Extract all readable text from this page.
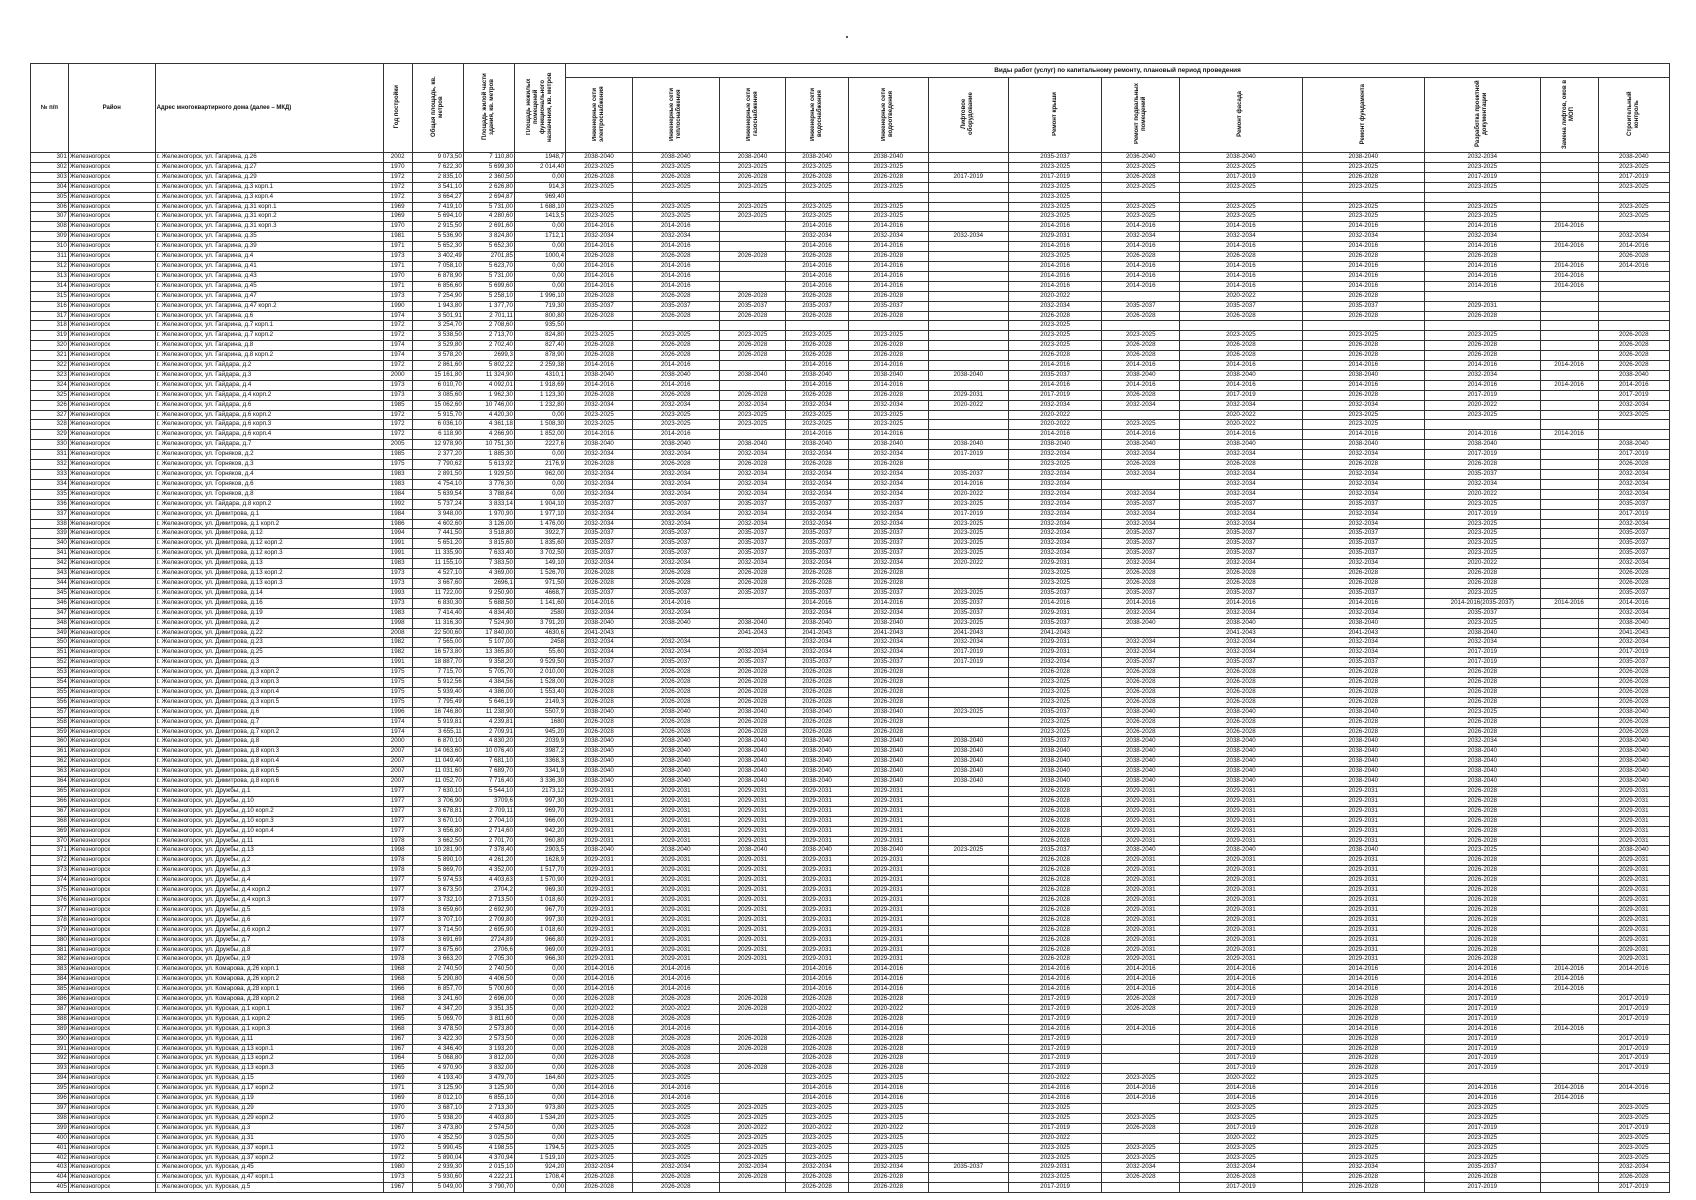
№ п/п	Район	Адрес многоквартирного дома (далее – МКД)	Год постройки	Общая площадь, кв. метров	Площадь жилой части здания, кв. метров	Площадь нежилых помещений функционального назначения, кв. метров	Виды работ (услуг) по капитальному ремонту, плановый период проведения												
							Инженерные сети электроснабжения	Инженерные сети теплоснабжения	Инженерные сети газоснабжения	Инженерные сети водоснабжения	Инженерные сети водоотведения	Лифтовое оборудование	Ремонт крыши	Ремонт подвальных помещений	Ремонт фасада	Ремонт фундамента	Разработка проектной документации	Замена лифтов, оков в МОП	Строительный контроль
301	Железногорск	г. Железногорск, ул. Гагарина, д.26	2002	9 073,50	7 110,80	1948,7	2038-2040	2038-2040	2038-2040	2038-2040	2038-2040		2035-2037	2036-2040	2038-2040	2038-2040	2032-2034		2038-2040
302	Железногорск	г. Железногорск, ул. Гагарина, д.27	1970	7 622,30	5 699,30	2 014,40	2023-2025	2023-2025	2023-2025	2023-2025	2023-2025		2023-2025	2023-2025	2023-2025	2023-2025	2023-2025		2023-2025
303	Железногорск	г. Железногорск, ул. Гагарина, д.29	1972	2 835,10	2 360,50	0,00	2026-2028	2026-2028	2026-2028	2026-2028	2026-2028	2017-2019	2017-2019	2026-2028	2017-2019	2026-2028	2017-2019		2017-2019
304	Железногорск	г. Железногорск, ул. Гагарина, д.3 корп.1	1972	3 541,10	2 626,80	914,3	2023-2025	2023-2025	2023-2025	2023-2025	2023-2025		2023-2025	2023-2025	2023-2025	2023-2025	2023-2025		2023-2025
305	Железногорск	г. Железногорск, ул. Гагарина, д.3 корп.4	1972	3 664,27	2 694,87	969,40							2023-2025						
306	Железногорск	г. Железногорск, ул. Гагарина, д.31 корп.1	1969	7 419,10	5 731,00	1 688,10	2023-2025	2023-2025	2023-2025	2023-2025	2023-2025		2023-2025	2023-2025	2023-2025	2023-2025	2023-2025		2023-2025
307	Железногорск	г. Железногорск, ул. Гагарина, д.31 корп.2	1969	5 694,10	4 280,60	1413,5	2023-2025	2023-2025	2023-2025	2023-2025	2023-2025		2023-2025	2023-2025	2023-2025	2023-2025	2023-2025		2023-2025
308	Железногорск	г. Железногорск, ул. Гагарина, д.31 корп.3	1970	2 915,50	2 691,60	0,00	2014-2016	2014-2016		2014-2016	2014-2016		2014-2016	2014-2016	2014-2016	2014-2016	2014-2016	2014-2016	
309	Железногорск	г. Железногорск, ул. Гагарина, д.35	1981	5 536,90	3 824,80	1712,1	2032-2034	2032-2034		2032-2034	2032-2034	2032-2034	2029-2031	2032-2034	2032-2034	2032-2034	2032-2034		2032-2034
310	Железногорск	г. Железногорск, ул. Гагарина, д.39	1971	5 652,30	5 652,30	0,00	2014-2016	2014-2016		2014-2016	2014-2016		2014-2016	2014-2016	2014-2016	2014-2016	2014-2016	2014-2016	2014-2016
311	Железногорск	г. Железногорск, ул. Гагарина, д.4	1973	3 402,49	2701,85	1000,4	2026-2028	2026-2028	2026-2028	2026-2028	2026-2028		2023-2025	2026-2028	2026-2028	2026-2028	2026-2028		2026-2028
312	Железногорск	г. Железногорск, ул. Гагарина, д.41	1971	7 058,10	5 623,70	0,00	2014-2016	2014-2016		2014-2016	2014-2016		2014-2016	2014-2016	2014-2016	2014-2016	2014-2016	2014-2016	2014-2016
313	Железногорск	г. Железногорск, ул. Гагарина, д.43	1970	6 878,90	5 731,00	0,00	2014-2016	2014-2016		2014-2016	2014-2016		2014-2016	2014-2016	2014-2016	2014-2016	2014-2016	2014-2016	
314	Железногорск	г. Железногорск, ул. Гагарина, д.45	1971	6 856,60	5 699,60	0,00	2014-2016	2014-2016		2014-2016	2014-2016		2014-2016	2014-2016	2014-2016	2014-2016	2014-2016	2014-2016	
315	Железногорск	г. Железногорск, ул. Гагарина, д.47	1973	7 254,90	5 258,10	1 996,10	2026-2028	2026-2028	2026-2028	2026-2028	2026-2028		2020-2022		2020-2022	2026-2028			
316	Железногорск	г. Железногорск, ул. Гагарина, д.47 корп.2	1990	1 943,80	1 377,70	719,30	2035-2037	2035-2037	2035-2037	2035-2037	2035-2037		2032-2034	2035-2037	2035-2037	2035-2037	2029-2031		
317	Железногорск	г. Железногорск, ул. Гагарина, д.6	1974	3 501,91	2 701,11	800,80	2026-2028	2026-2028	2026-2028	2026-2028	2026-2028		2026-2028	2026-2028	2026-2028	2026-2028	2026-2028		
318	Железногорск	г. Железногорск, ул. Гагарина, д.7 корп.1	1972	3 254,70	2 708,60	935,50							2023-2025						
319	Железногорск	г. Железногорск, ул. Гагарина, д.7 корп.2	1972	3 538,50	2 713,70	824,80	2023-2025	2023-2025	2023-2025	2023-2025	2023-2025		2023-2025	2023-2025	2023-2025	2023-2025	2023-2025		2026-2028
320	Железногорск	г. Железногорск, ул. Гагарина, д.8	1974	3 529,80	2 702,40	827,40	2026-2028	2026-2028	2026-2028	2026-2028	2026-2028		2023-2025	2026-2028	2026-2028	2026-2028	2026-2028		2026-2028
321	Железногорск	г. Железногорск, ул. Гагарина, д.8 корп.2	1974	3 578,20	2699,3	878,90	2026-2028	2026-2028	2026-2028	2026-2028	2026-2028		2026-2028	2026-2028	2026-2028	2026-2028	2026-2028		2026-2028
322	Железногорск	г. Железногорск, ул. Гайдара, д.2	1972	2 861,60	5 802,22	2 259,38	2014-2016	2014-2016		2014-2016	2014-2016		2014-2016	2014-2016	2014-2016	2014-2016	2014-2016	2014-2016	2026-2028
323	Железногорск	г. Железногорск, ул. Гайдара, д.3	2000	15 161,80	11 324,90	4310,1	2038-2040	2038-2040	2038-2040	2038-2040	2038-2040	2038-2040	2035-2037	2038-2040	2038-2040	2038-2040	2032-2034		2038-2040
324	Железногорск	г. Железногорск, ул. Гайдара, д.4	1973	6 010,70	4 092,01	1 918,69	2014-2016	2014-2016		2014-2016	2014-2016		2014-2016	2014-2016	2014-2016	2014-2016	2014-2016	2014-2016	2014-2016
325	Железногорск	г. Железногорск, ул. Гайдара, д.4 корп.2	1973	3 085,60	1 962,30	1 123,30	2026-2028	2026-2028	2026-2028	2026-2028	2026-2028	2029-2031	2017-2019	2026-2028	2017-2019	2026-2028	2017-2019		2017-2019
326	Железногорск	г. Железногорск, ул. Гайдара, д.6	1985	15 062,60	10 746,00	1 232,80	2032-2034	2032-2034	2032-2034	2032-2034	2032-2034	2020-2022	2032-2034	2032-2034	2032-2034	2032-2034	2020-2022		2032-2034
327	Железногорск	г. Железногорск, ул. Гайдара, д.6 корп.2	1972	5 915,70	4 420,30	0,00	2023-2025	2023-2025	2023-2025	2023-2025	2023-2025		2020-2022		2020-2022	2023-2025	2023-2025		2023-2025
328	Железногорск	г. Железногорск, ул. Гайдара, д.6 корп.3	1972	6 036,10	4 361,18	1 508,30	2023-2025	2023-2025	2023-2025	2023-2025	2023-2025		2020-2022	2023-2025	2020-2022	2023-2025			
329	Железногорск	г. Железногорск, ул. Гайдара, д.6 корп.4	1972	6 118,90	4 266,90	1 852,00	2014-2016	2014-2016		2014-2016	2014-2016		2014-2016	2014-2016	2014-2016	2014-2016	2014-2016	2014-2016	
330	Железногорск	г. Железногорск, ул. Гайдара, д.7	2005	12 978,90	10 751,30	2227,6	2038-2040	2038-2040	2038-2040	2038-2040	2038-2040	2038-2040	2038-2040	2038-2040	2038-2040	2038-2040	2038-2040		2038-2040
331	Железногорск	г. Железногорск, ул. Горняков, д.2	1985	2 377,20	1 885,30	0,00	2032-2034	2032-2034	2032-2034	2032-2034	2032-2034	2017-2019	2032-2034	2032-2034	2032-2034	2032-2034	2017-2019		2017-2019
332	Железногорск	г. Железногорск, ул. Горняков, д.3	1975	7 790,62	5 613,92	2176,9	2026-2028	2026-2028	2026-2028	2026-2028	2026-2028		2023-2025	2026-2028	2026-2028	2026-2028	2026-2028		2026-2028
333	Железногорск	г. Железногорск, ул. Горняков, д.4	1983	2 891,50	1 929,50	962,00	2032-2034	2032-2034	2032-2034	2032-2034	2032-2034	2035-2037	2032-2034	2032-2034	2032-2034	2032-2034	2035-2037		2032-2034
334	Железногорск	г. Железногорск, ул. Горняков, д.6	1983	4 754,10	3 776,30	0,00	2032-2034	2032-2034	2032-2034	2032-2034	2032-2034	2014-2016	2032-2034		2032-2034	2032-2034	2032-2034		2032-2034
335	Железногорск	г. Железногорск, ул. Горняков, д.8	1984	5 639,54	3 788,64	0,00	2032-2034	2032-2034	2032-2034	2032-2034	2032-2034	2020-2022	2032-2034	2032-2034	2032-2034	2032-2034	2020-2022		2032-2034
336	Железногорск	г. Железногорск, ул. Гайдара, д.8 корп.2	1992	5 737,24	3 833,14	1 904,10	2035-2037	2035-2037	2035-2037	2035-2037	2035-2037	2023-2025	2032-2034	2035-2037	2035-2037	2035-2037	2023-2025		2035-2037
337	Железногорск	г. Железногорск, ул. Димитрова, д.1	1984	3 948,00	1 970,90	1 977,10	2032-2034	2032-2034	2032-2034	2032-2034	2032-2034	2017-2019	2032-2034	2032-2034	2032-2034	2032-2034	2017-2019		2017-2019
338	Железногорск	г. Железногорск, ул. Димитрова, д.1 корп.2	1986	4 602,60	3 126,00	1 476,00	2032-2034	2032-2034	2032-2034	2032-2034	2032-2034	2023-2025	2032-2034	2032-2034	2032-2034	2032-2034	2023-2025		2032-2034
339	Железногорск	г. Железногорск, ул. Димитрова, д.12	1994	7 441,50	3 518,80	3922,7	2035-2037	2035-2037	2035-2037	2035-2037	2035-2037	2023-2025	2032-2034	2035-2037	2035-2037	2035-2037	2023-2025		2035-2037
340	Железногорск	г. Железногорск, ул. Димитрова, д.12 корп.2	1991	5 651,20	3 815,60	1 835,60	2035-2037	2035-2037	2035-2037	2035-2037	2035-2037	2023-2025	2032-2034	2035-2037	2035-2037	2035-2037	2023-2025		2035-2037
341	Железногорск	г. Железногорск, ул. Димитрова, д.12 корп.3	1991	11 335,90	7 633,40	3 702,50	2035-2037	2035-2037	2035-2037	2035-2037	2035-2037	2023-2025	2032-2034	2035-2037	2035-2037	2035-2037	2023-2025		2035-2037
342	Железногорск	г. Железногорск, ул. Димитрова, д.13	1983	11 155,10	7 383,50	149,10	2032-2034	2032-2034	2032-2034	2032-2034	2032-2034	2020-2022	2029-2031	2032-2034	2032-2034	2032-2034	2020-2022		2032-2034
343	Железногорск	г. Железногорск, ул. Димитрова, д.13 корп.2	1973	4 527,10	4 369,00	1 526,70	2026-2028	2026-2028	2026-2028	2026-2028	2026-2028		2023-2025	2026-2028	2026-2028	2026-2028	2026-2028		2026-2028
344	Железногорск	г. Железногорск, ул. Димитрова, д.13 корп.3	1973	3 667,60	2696,1	971,50	2026-2028	2026-2028	2026-2028	2026-2028	2026-2028		2023-2025	2026-2028	2026-2028	2026-2028	2026-2028		2026-2028
345	Железногорск	г. Железногорск, ул. Димитрова, д.14	1993	11 722,00	9 250,90	4668,7	2035-2037	2035-2037	2035-2037	2035-2037	2035-2037	2023-2025	2035-2037	2035-2037	2035-2037	2035-2037	2023-2025		2035-2037
346	Железногорск	г. Железногорск, ул. Димитрова, д.16	1973	6 830,30	5 688,50	1 141,60	2014-2016	2014-2016		2014-2016	2014-2016	2035-2037	2014-2016	2014-2016	2014-2016	2014-2016	2014-2016(2035-2037)	2014-2016	2014-2016
347	Железногорск	г. Железногорск, ул. Димитрова, д.19	1983	7 414,40	4 834,40	2580	2032-2034	2032-2034		2032-2034	2032-2034	2035-2037	2029-2031	2032-2034	2032-2034	2032-2034	2035-2037		2032-2034
348	Железногорск	г. Железногорск, ул. Димитрова, д.2	1998	11 316,30	7 524,90	3 791,20	2038-2040	2038-2040	2038-2040	2038-2040	2038-2040	2023-2025	2035-2037	2038-2040	2038-2040	2038-2040	2023-2025		2038-2040
349	Железногорск	г. Железногорск, ул. Димитрова, д.22	2008	22 500,60	17 840,00	4630,6	2041-2043		2041-2043	2041-2043	2041-2043	2041-2043	2041-2043		2041-2043	2041-2043	2038-2040		2041-2043
350	Железногорск	г. Железногорск, ул. Димитрова, д.23	1982	7 565,00	5 107,00	2458	2032-2034	2032-2034		2032-2034	2032-2034	2032-2034	2029-2031	2032-2034	2032-2034	2032-2034	2032-2034		2032-2034
351	Железногорск	г. Железногорск, ул. Димитрова, д.25	1982	16 573,80	13 365,80	55,60	2032-2034	2032-2034	2032-2034	2032-2034	2032-2034	2017-2019	2029-2031	2032-2034	2032-2034	2032-2034	2017-2019		2017-2019
352	Железногорск	г. Железногорск, ул. Димитрова, д.3	1991	18 887,70	9 358,20	9 529,50	2035-2037	2035-2037	2035-2037	2035-2037	2035-2037	2017-2019	2032-2034	2035-2037	2035-2037	2035-2037	2017-2019		2035-2037
353	Железногорск	г. Железногорск, ул. Димитрова, д.3 корп.2	1975	7 715,70	5 705,70	2 010,00	2026-2028	2026-2028	2026-2028	2026-2028	2026-2028		2026-2028	2026-2028	2026-2028	2026-2028	2026-2028		2026-2028
354	Железногорск	г. Железногорск, ул. Димитрова, д.3 корп.3	1975	5 912,56	4 384,56	1 528,00	2026-2028	2026-2028	2026-2028	2026-2028	2026-2028		2023-2025	2026-2028	2026-2028	2026-2028	2026-2028		2026-2028
355	Железногорск	г. Железногорск, ул. Димитрова, д.3 корп.4	1975	5 939,40	4 386,00	1 553,40	2026-2028	2026-2028	2026-2028	2026-2028	2026-2028		2023-2025	2026-2028	2026-2028	2026-2028	2026-2028		2026-2028
356	Железногорск	г. Железногорск, ул. Димитрова, д.3 корп.5	1975	7 795,49	5 646,19	2149,3	2026-2028	2026-2028	2026-2028	2026-2028	2026-2028		2023-2025	2026-2028	2026-2028	2026-2028	2026-2028		2026-2028
357	Железногорск	г. Железногорск, ул. Димитрова, д.6	1996	16 746,80	11 238,90	5507,9	2038-2040	2038-2040	2038-2040	2038-2040	2038-2040	2023-2025	2035-2037	2038-2040	2038-2040	2038-2040	2023-2025		2038-2040
358	Железногорск	г. Железногорск, ул. Димитрова, д.7	1974	5 919,81	4 239,81	1680	2026-2028	2026-2028	2026-2028	2026-2028	2026-2028		2023-2025	2026-2028	2026-2028	2026-2028	2026-2028		2026-2028
359	Железногорск	г. Железногорск, ул. Димитрова, д.7 корп.2	1974	3 655,11	2 709,91	945,20	2026-2028	2026-2028	2026-2028	2026-2028	2026-2028		2023-2025	2026-2028	2026-2028	2026-2028	2026-2028		2026-2028
360	Железногорск	г. Железногорск, ул. Димитрова, д.8	2000	6 870,10	4 830,20	2039,9	2038-2040	2038-2040	2038-2040	2038-2040	2038-2040	2038-2040	2035-2037	2038-2040	2038-2040	2038-2040	2032-2034		2038-2040
361	Железногорск	г. Железногорск, ул. Димитрова, д.8 корп.3	2007	14 063,60	10 076,40	3987,2	2038-2040	2038-2040	2038-2040	2038-2040	2038-2040	2038-2040	2038-2040	2038-2040	2038-2040	2038-2040	2038-2040		2038-2040
362	Железногорск	г. Железногорск, ул. Димитрова, д.8 корп.4	2007	11 049,40	7 681,10	3368,3	2038-2040	2038-2040	2038-2040	2038-2040	2038-2040	2038-2040	2038-2040	2038-2040	2038-2040	2038-2040	2038-2040		2038-2040
363	Железногорск	г. Железногорск, ул. Димитрова, д.8 корп.5	2007	11 031,60	7 689,70	3341,9	2038-2040	2038-2040	2038-2040	2038-2040	2038-2040	2038-2040	2038-2040	2038-2040	2038-2040	2038-2040	2038-2040		2038-2040
364	Железногорск	г. Железногорск, ул. Димитрова, д.8 корп.6	2007	11 052,70	7 716,40	3 336,30	2038-2040	2038-2040	2038-2040	2038-2040	2038-2040	2038-2040	2038-2040	2038-2040	2038-2040	2038-2040	2038-2040		2038-2040
365	Железногорск	г. Железногорск, ул. Дружбы, д.1	1977	7 630,10	5 544,10	2173,12	2029-2031	2029-2031	2029-2031	2029-2031	2029-2031		2026-2028	2029-2031	2029-2031	2029-2031	2026-2028		2029-2031
366	Железногорск	г. Железногорск, ул. Дружбы, д.10	1977	3 706,90	3709,6	997,30	2029-2031	2029-2031	2029-2031	2029-2031	2029-2031		2026-2028	2029-2031	2029-2031	2029-2031	2026-2028		2029-2031
367	Железногорск	г. Железногорск, ул. Дружбы, д.10 корп.2	1977	3 678,81	2 709,11	969,70	2029-2031	2029-2031	2029-2031	2029-2031	2029-2031		2026-2028	2029-2031	2029-2031	2029-2031	2026-2028		2029-2031
368	Железногорск	г. Железногорск, ул. Дружбы, д.10 корп.3	1977	3 670,10	2 704,10	966,00	2029-2031	2029-2031	2029-2031	2029-2031	2029-2031		2026-2028	2029-2031	2029-2031	2029-2031	2026-2028		2029-2031
369	Железногорск	г. Железногорск, ул. Дружбы, д.10 корп.4	1977	3 656,80	2 714,60	942,20	2029-2031	2029-2031	2029-2031	2029-2031	2029-2031		2026-2028	2029-2031	2029-2031	2029-2031	2026-2028		2029-2031
370	Железногорск	г. Железногорск, ул. Дружбы, д.11	1978	3 662,50	2 701,70	960,80	2029-2031	2029-2031	2029-2031	2029-2031	2029-2031		2026-2028	2029-2031	2029-2031	2029-2031	2026-2028		2029-2031
371	Железногорск	г. Железногорск, ул. Дружбы, д.13	1998	10 281,90	7 378,40	2903,5	2038-2040	2038-2040	2038-2040	2038-2040	2038-2040	2023-2025	2035-2037	2038-2040	2038-2040	2038-2040	2023-2025		2038-2040
372	Железногорск	г. Железногорск, ул. Дружбы, д.2	1978	5 890,10	4 261,20	1628,9	2029-2031	2029-2031	2029-2031	2029-2031	2029-2031		2026-2028	2029-2031	2029-2031	2029-2031	2026-2028		2029-2031
373	Железногорск	г. Железногорск, ул. Дружбы, д.3	1978	5 869,70	4 352,00	1 517,70	2029-2031	2029-2031	2029-2031	2029-2031	2029-2031		2026-2028	2029-2031	2029-2031	2029-2031	2026-2028		2029-2031
374	Железногорск	г. Железногорск, ул. Дружбы, д.4	1977	5 974,53	4 403,63	1 570,90	2029-2031	2029-2031	2029-2031	2029-2031	2029-2031		2026-2028	2029-2031	2029-2031	2029-2031	2026-2028		2029-2031
375	Железногорск	г. Железногорск, ул. Дружбы, д.4 корп.2	1977	3 673,50	2704,2	969,30	2029-2031	2029-2031	2029-2031	2029-2031	2029-2031		2026-2028	2029-2031	2029-2031	2029-2031	2026-2028		2029-2031
376	Железногорск	г. Железногорск, ул. Дружбы, д.4 корп.3	1977	3 732,10	2 713,50	1 018,60	2029-2031	2029-2031	2029-2031	2029-2031	2029-2031		2026-2028	2029-2031	2029-2031	2029-2031	2026-2028		2029-2031
377	Железногорск	г. Железногорск, ул. Дружбы, д.5	1978	3 659,60	2 692,90	967,70	2029-2031	2029-2031	2029-2031	2029-2031	2029-2031		2026-2028	2029-2031	2029-2031	2029-2031	2026-2028		2029-2031
378	Железногорск	г. Железногорск, ул. Дружбы, д.6	1977	3 707,10	2 709,80	997,30	2029-2031	2029-2031	2029-2031	2029-2031	2029-2031		2026-2028	2029-2031	2029-2031	2029-2031	2026-2028		2029-2031
379	Железногорск	г. Железногорск, ул. Дружбы, д.6 корп.2	1977	3 714,50	2 695,90	1 018,60	2029-2031	2029-2031	2029-2031	2029-2031	2029-2031		2026-2028	2029-2031	2029-2031	2029-2031	2026-2028		2029-2031
380	Железногорск	г. Железногорск, ул. Дружбы, д.7	1978	3 691,69	2724,89	966,80	2029-2031	2029-2031	2029-2031	2029-2031	2029-2031		2026-2028	2029-2031	2029-2031	2029-2031	2026-2028		2029-2031
381	Железногорск	г. Железногорск, ул. Дружбы, д.8	1977	3 675,60	2706,6	969,00	2029-2031	2029-2031	2029-2031	2029-2031	2029-2031		2026-2028	2029-2031	2029-2031	2029-2031	2026-2028		2029-2031
382	Железногорск	г. Железногорск, ул. Дружбы, д.9	1978	3 663,20	2 705,30	966,30	2029-2031	2029-2031	2029-2031	2029-2031	2029-2031		2026-2028	2029-2031	2029-2031	2029-2031	2026-2028		2029-2031
383	Железногорск	г. Железногорск, ул. Комарова, д.26 корп.1	1968	2 740,50	2 740,50	0,00	2014-2016	2014-2016		2014-2016	2014-2016		2014-2016	2014-2016	2014-2016	2014-2016	2014-2016	2014-2016	2014-2016
384	Железногорск	г. Железногорск, ул. Комарова, д.26 корп.2	1968	5 290,80	4 406,50	0,00	2014-2016	2014-2016		2014-2016	2014-2016		2014-2016	2014-2016	2014-2016	2014-2016	2014-2016	2014-2016	
385	Железногорск	г. Железногорск, ул. Комарова, д.28 корп.1	1966	6 857,70	5 700,60	0,00	2014-2016	2014-2016		2014-2016	2014-2016		2014-2016	2014-2016	2014-2016	2014-2016	2014-2016	2014-2016	
386	Железногорск	г. Железногорск, ул. Комарова, д.28 корп.2	1968	3 241,60	2 696,00	0,00	2026-2028	2026-2028	2026-2028	2026-2028	2026-2028		2017-2019	2026-2028	2017-2019	2026-2028	2017-2019		2017-2019
387	Железногорск	г. Железногорск, ул. Курская, д.1 корп.1	1967	4 347,20	3 351,35	0,00	2020-2022	2020-2022	2026-2028	2020-2022	2020-2022		2017-2019	2026-2028	2017-2019	2026-2028	2017-2019		2017-2019
388	Железногорск	г. Железногорск, ул. Курская, д.1 корп.2	1965	5 069,70	3 811,60	0,00	2026-2028	2026-2028		2026-2028	2026-2028		2017-2019		2017-2019	2026-2028	2017-2019		2017-2019
389	Железногорск	г. Железногорск, ул. Курская, д.1 корп.3	1968	3 478,50	2 573,80	0,00	2014-2016	2014-2016		2014-2016	2014-2016		2014-2016	2014-2016	2014-2016	2014-2016	2014-2016	2014-2016	
390	Железногорск	г. Железногорск, ул. Курская, д.11	1967	3 422,30	2 573,50	0,00	2026-2028	2026-2028	2026-2028	2026-2028	2026-2028		2017-2019		2017-2019	2026-2028	2017-2019		2017-2019
391	Железногорск	г. Железногорск, ул. Курская, д.13 корп.1	1967	4 346,40	3 193,20	0,00	2026-2028	2026-2028	2026-2028	2026-2028	2026-2028		2017-2019		2017-2019	2026-2028	2017-2019		2017-2019
392	Железногорск	г. Железногорск, ул. Курская, д.13 корп.2	1964	5 068,80	3 812,00	0,00	2026-2028	2026-2028		2026-2028	2026-2028		2017-2019		2017-2019	2026-2028	2017-2019		2017-2019
393	Железногорск	г. Железногорск, ул. Курская, д.13 корп.3	1965	4 970,90	3 832,00	0,00	2026-2028	2026-2028	2026-2028	2026-2028	2026-2028		2017-2019		2017-2019	2026-2028	2017-2019		2017-2019
394	Железногорск	г. Железногорск, ул. Курская, д.15	1969	4 193,40	3 479,70	164,60	2023-2025	2023-2025		2023-2025	2023-2025		2020-2022	2023-2025	2020-2022	2023-2025			
395	Железногорск	г. Железногорск, ул. Курская, д.17 корп.2	1971	3 125,90	3 125,90	0,00	2014-2016	2014-2016		2014-2016	2014-2016		2014-2016	2014-2016	2014-2016	2014-2016	2014-2016	2014-2016	2014-2016
396	Железногорск	г. Железногорск, ул. Курская, д.19	1969	8 012,10	6 855,10	0,00	2014-2016	2014-2016		2014-2016	2014-2016		2014-2016	2014-2016	2014-2016	2014-2016	2014-2016	2014-2016	
397	Железногорск	г. Железногорск, ул. Курская, д.29	1970	3 687,10	2 713,30	973,80	2023-2025	2023-2025	2023-2025	2023-2025	2023-2025		2023-2025		2023-2025	2023-2025	2023-2025		2023-2025
398	Железногорск	г. Железногорск, ул. Курская, д.29 корп.2	1970	5 938,20	4 403,80	1 534,20	2023-2025	2023-2025	2023-2025	2023-2025	2023-2025		2023-2025	2023-2025	2023-2025	2023-2025	2023-2025		2023-2025
399	Железногорск	г. Железногорск, ул. Курская, д.3	1967	3 473,80	2 574,50	0,00	2023-2025	2026-2028	2020-2022	2020-2022	2020-2022		2017-2019	2026-2028	2017-2019	2026-2028	2017-2019		2017-2019
400	Железногорск	г. Железногорск, ул. Курская, д.31	1970	4 352,50	3 025,50	0,00	2023-2025	2023-2025	2023-2025	2023-2025	2023-2025		2020-2022		2020-2022	2023-2025	2023-2025		2023-2025
401	Железногорск	г. Железногорск, ул. Курская, д.37 корп.1	1972	5 990,45	4 198,55	1794,5	2023-2025	2023-2025	2023-2025	2023-2025	2023-2025		2023-2025	2023-2025	2023-2025	2023-2025	2023-2025		2023-2025
402	Железногорск	г. Железногорск, ул. Курская, д.37 корп.2	1972	5 890,04	4 370,94	1 519,10	2023-2025	2023-2025	2023-2025	2023-2025	2023-2025		2023-2025	2023-2025	2023-2025	2023-2025	2023-2025		2023-2025
403	Железногорск	г. Железногорск, ул. Курская, д.45	1980	2 939,30	2 015,10	924,20	2032-2034	2032-2034	2032-2034	2032-2034	2032-2034	2035-2037	2029-2031	2032-2034	2032-2034	2032-2034	2035-2037		2032-2034
404	Железногорск	г. Железногорск, ул. Курская, д.47 корп.1	1973	5 930,60	4 222,21	1708,4	2026-2028	2026-2028	2026-2028	2026-2028	2026-2028		2023-2025	2026-2028	2026-2028	2026-2028	2026-2028		2026-2028
405	Железногорск	г. Железногорск, ул. Курская, д.5	1967	5 049,00	3 790,70	0,00	2026-2028	2026-2028		2026-2028	2026-2028		2017-2019		2017-2019	2026-2028	2017-2019		2017-2019
